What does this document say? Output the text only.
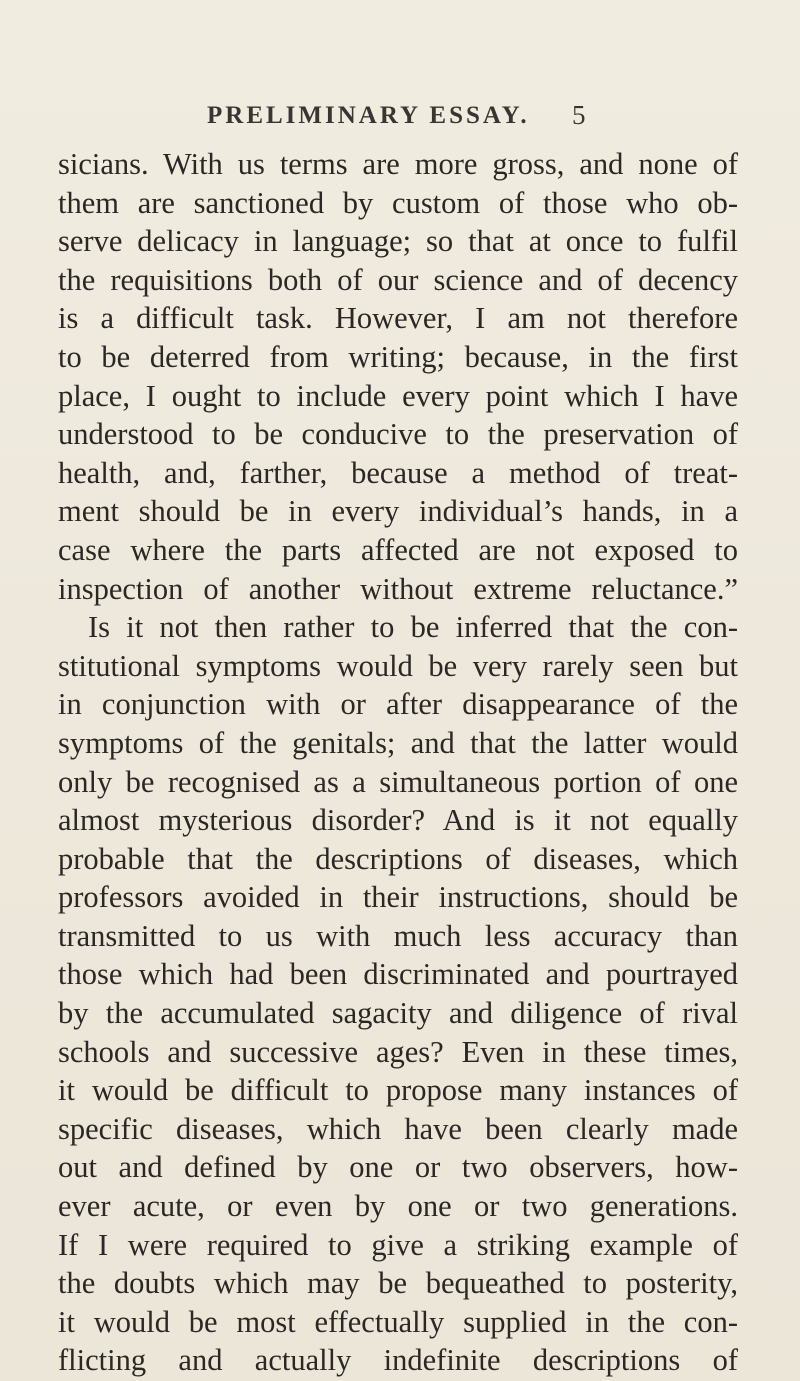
PRELIMINARY ESSAY. 5
sicians. With us terms are more gross, and none of
them are sanctioned by custom of those who ob-
serve delicacy in language; so that at once to fulfil
the requisitions both of our science and of decency
is a difficult task. However, I am not therefore
to be deterred from writing; because, in the first
place, I ought to include every point which I have
understood to be conducive to the preservation of
health, and, farther, because a method of treat-
ment should be in every individual’s hands, in a
case where the parts affected are not exposed to
inspection of another without extreme reluctance.”
Is it not then rather to be inferred that the con-
stitutional symptoms would be very rarely seen but
in conjunction with or after disappearance of the
symptoms of the genitals; and that the latter would
only be recognised as a simultaneous portion of one
almost mysterious disorder? And is it not equally
probable that the descriptions of diseases, which
professors avoided in their instructions, should be
transmitted to us with much less accuracy than
those which had been discriminated and pourtrayed
by the accumulated sagacity and diligence of rival
schools and successive ages? Even in these times,
it would be difficult to propose many instances of
specific diseases, which have been clearly made
out and defined by one or two observers, how-
ever acute, or even by one or two generations.
If I were required to give a striking example of
the doubts which may be bequeathed to posterity,
it would be most effectually supplied in the con-
flicting and actually indefinite descriptions of
